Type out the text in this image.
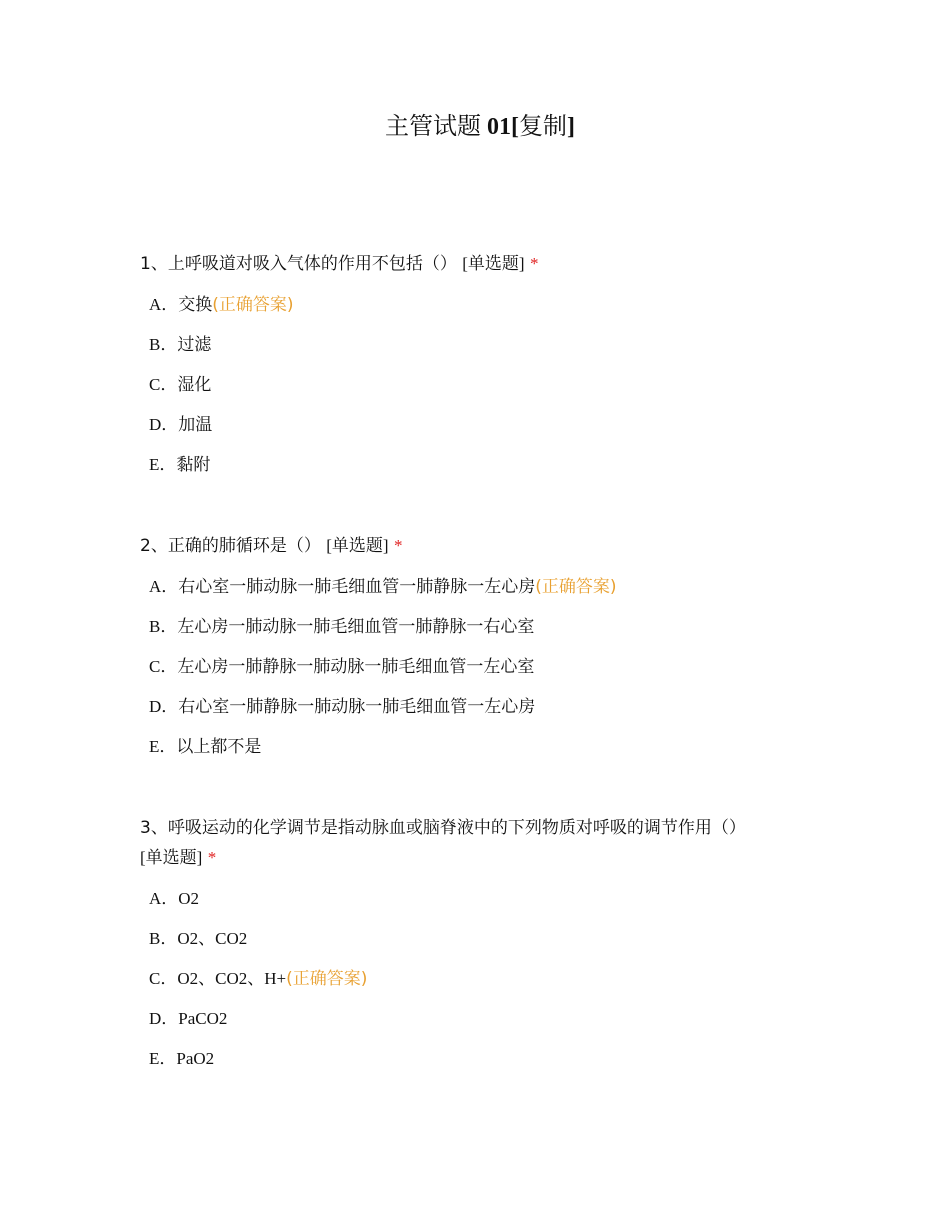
主管试题 01[复制]
1、上呼吸道对吸入气体的作用不包括（） [单选题] *
A．交换(正确答案)
B．过滤
C．湿化
D．加温
E．黏附
2、正确的肺循环是（） [单选题] *
A．右心室一肺动脉一肺毛细血管一肺静脉一左心房(正确答案)
B．左心房一肺动脉一肺毛细血管一肺静脉一右心室
C．左心房一肺静脉一肺动脉一肺毛细血管一左心室
D．右心室一肺静脉一肺动脉一肺毛细血管一左心房
E．以上都不是
3、呼吸运动的化学调节是指动脉血或脑脊液中的下列物质对呼吸的调节作用（）
[单选题] *
A．O2
B．O2、CO2
C．O2、CO2、H+(正确答案)
D．PaCO2
E．PaO2
